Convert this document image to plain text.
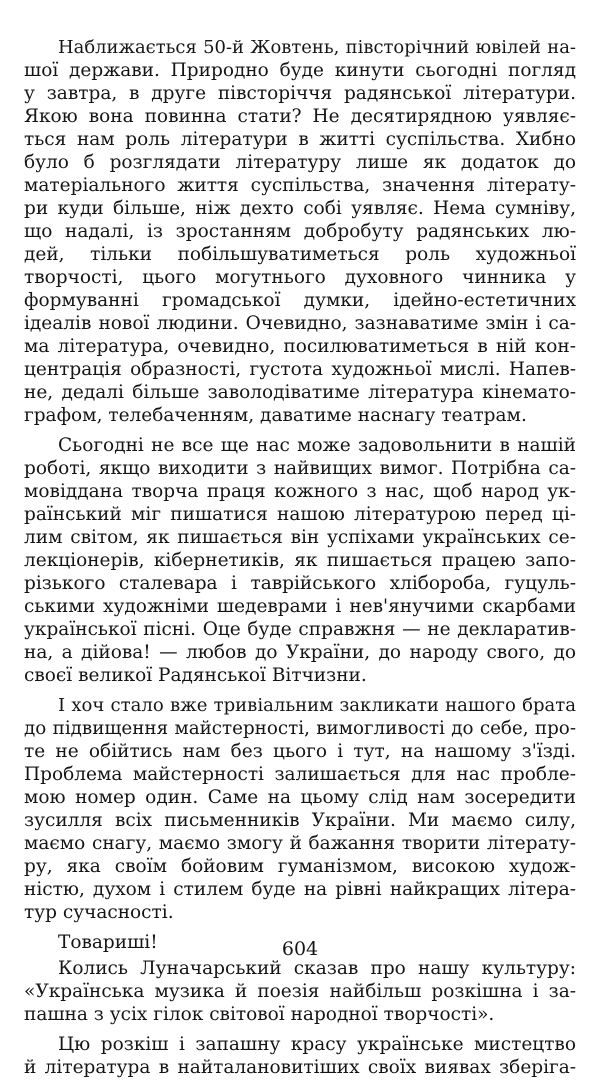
Наближається 50-й Жовтень, півсторічний ювілей на-
шої держави. Природно буде кинути сьогодні погляд
у завтра, в друге півсторіччя радянської літератури.
Якою вона повинна стати? Не десятирядною уявляє-
ться нам роль літератури в житті суспільства. Хибно
було б розглядати літературу лише як додаток до
матеріального життя суспільства, значення літерату-
ри куди більше, ніж дехто собі уявляє. Нема сумніву,
що надалі, із зростанням добробуту радянських лю-
дей, тільки побільшуватиметься роль художньої
творчості, цього могутнього духовного чинника у
формуванні громадської думки, ідейно-естетичних
ідеалів нової людини. Очевидно, зазнаватиме змін і са-
ма література, очевидно, посилюватиметься в ній кон-
центрація образності, густота художньої мислі. Напев-
не, дедалі більше заволодіватиме література кінемато-
графом, телебаченням, даватиме наснагу театрам.
Сьогодні не все ще нас може задовольнити в нашій
роботі, якщо виходити з найвищих вимог. Потрібна са-
мовіддана творча праця кожного з нас, щоб народ ук-
раїнський міг пишатися нашою літературою перед ці-
лим світом, як пишається він успіхами українських се-
лекціонерів, кібернетиків, як пишається працею запо-
різького сталевара і таврійського хлібороба, гуцуль-
ськими художніми шедеврами і нев'янучими скарбами
української пісні. Оце буде справжня — не декларатив-
на, а дійова! — любов до України, до народу свого, до
своєї великої Радянської Вітчизни.
І хоч стало вже тривіальним закликати нашого брата
до підвищення майстерності, вимогливості до себе, про-
те не обійтись нам без цього і тут, на нашому з'їзді.
Проблема майстерності залишається для нас пробле-
мою номер один. Саме на цьому слід нам зосередити
зусилля всіх письменників України. Ми маємо силу,
маємо снагу, маємо змогу й бажання творити літерату-
ру, яка своїм бойовим гуманізмом, високою худож-
ністю, духом і стилем буде на рівні найкращих літера-
тур сучасності.
Товариші!
Колись Луначарський сказав про нашу культуру:
«Українська музика й поезія найбільш розкішна і за-
пашна з усіх гілок світової народної творчості».
Цю розкіш і запашну красу українське мистецтво
й література в найталановитіших своїх виявах зберіга-
604
